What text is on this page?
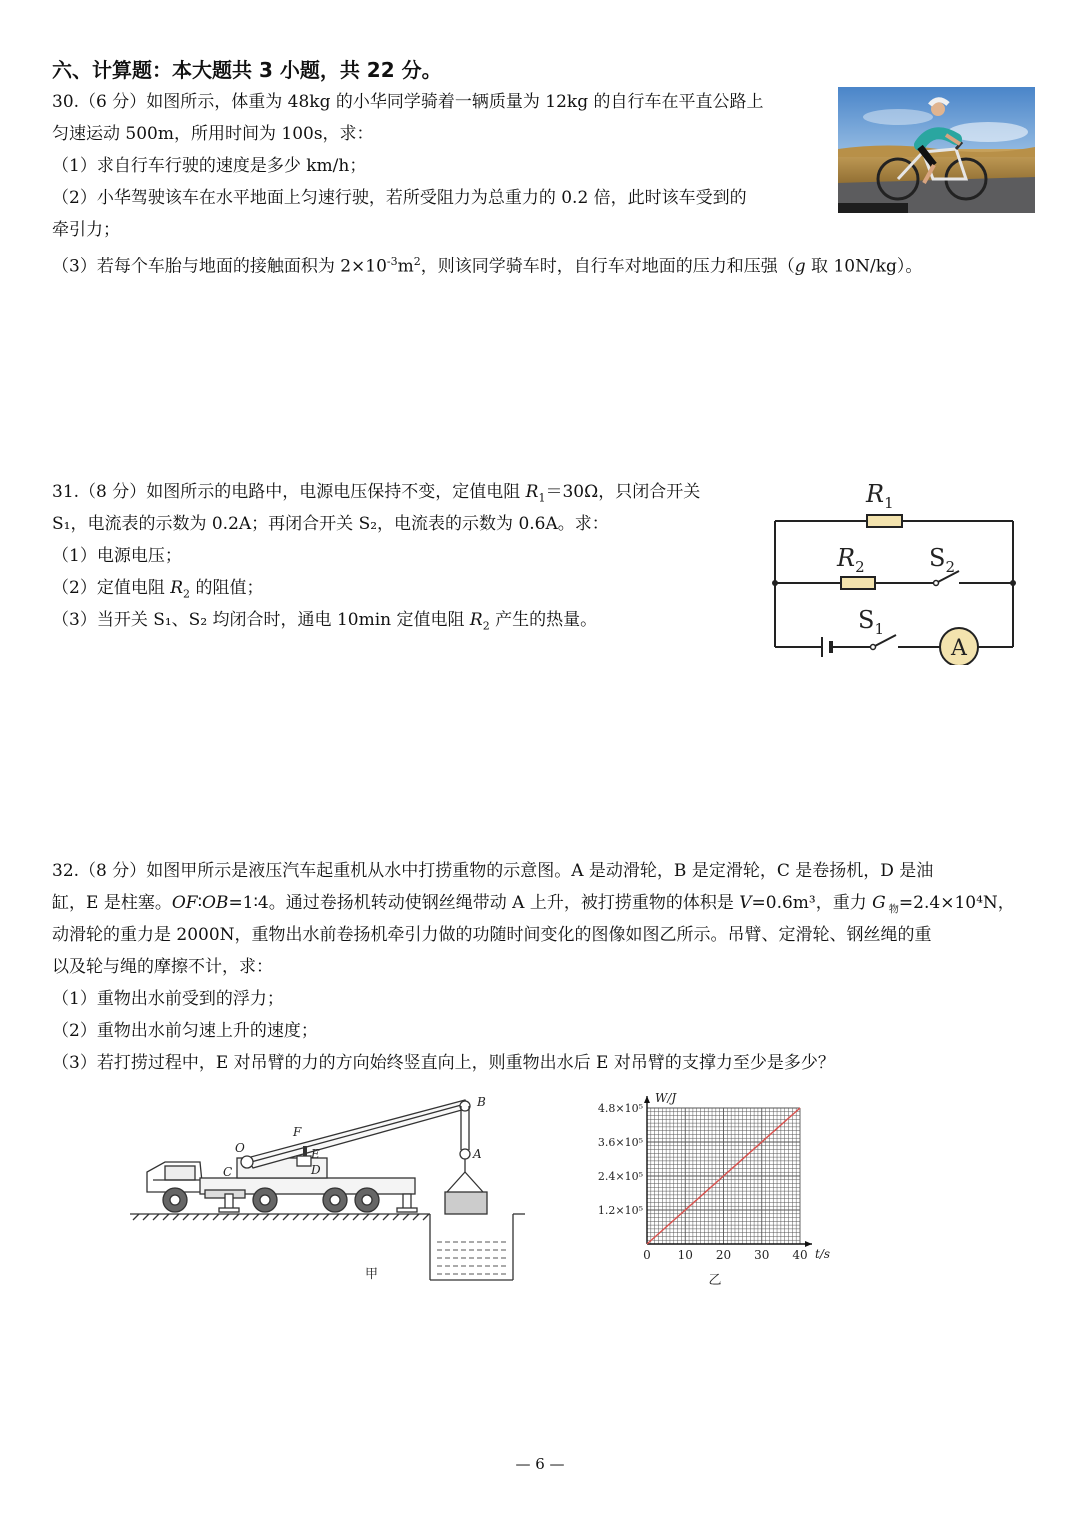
六、计算题：本大题共 3 小题，共 22 分。
30.（6 分）如图所示，体重为 48kg 的小华同学骑着一辆质量为 12kg 的自行车在平直公路上
匀速运动 500m，所用时间为 100s，求：
（1）求自行车行驶的速度是多少 km/h；
（2）小华驾驶该车在水平地面上匀速行驶，若所受阻力为总重力的 0.2 倍，此时该车受到的
牵引力；
（3）若每个车胎与地面的接触面积为 $2\times 10^{-3}m^2$，则该同学骑车时，自行车对地面的压力和压强（g 取 10N/kg）。
31.（8 分）如图所示的电路中，电源电压保持不变，定值电阻 $R_1=30\Omega$，只闭合开关
S₁，电流表的示数为 0.2A；再闭合开关 S₂，电流表的示数为 0.6A。求：
（1）电源电压；
（2）定值电阻 $R_2$ 的阻值；
（3）当开关 S₁、S₂ 均闭合时，通电 10min 定值电阻 $R_2$ 产生的热量。
A
$R_1$
$R_2$	$S_2$
$S_1$
32.（8 分）如图甲所示是液压汽车起重机从水中打捞重物的示意图。A 是动滑轮，B 是定滑轮，C 是卷扬机，D 是油
缸，E 是柱塞。OF∶OB=1∶4。通过卷扬机转动使钢丝绳带动 A 上升，被打捞重物的体积是 V=0.6m³，重力 G $_物$=2.4×10⁴N，
动滑轮的重力是 2000N，重物出水前卷扬机牵引力做的功随时间变化的图像如图乙所示。吊臂、定滑轮、钢丝绳的重
以及轮与绳的摩擦不计，求：
（1）重物出水前受到的浮力；
（2）重物出水前匀速上升的速度；
（3）若打捞过程中，E 对吊臂的力的方向始终竖直向上，则重物出水后 E 对吊臂的支撑力至少是多少？
B
A
F
O
C
E
D
甲
0 10 20 30 40
1.2×10⁵
2.4×10⁵
3.6×10⁵
4.8×10⁵
W/J
t/s
乙
— 6 —
